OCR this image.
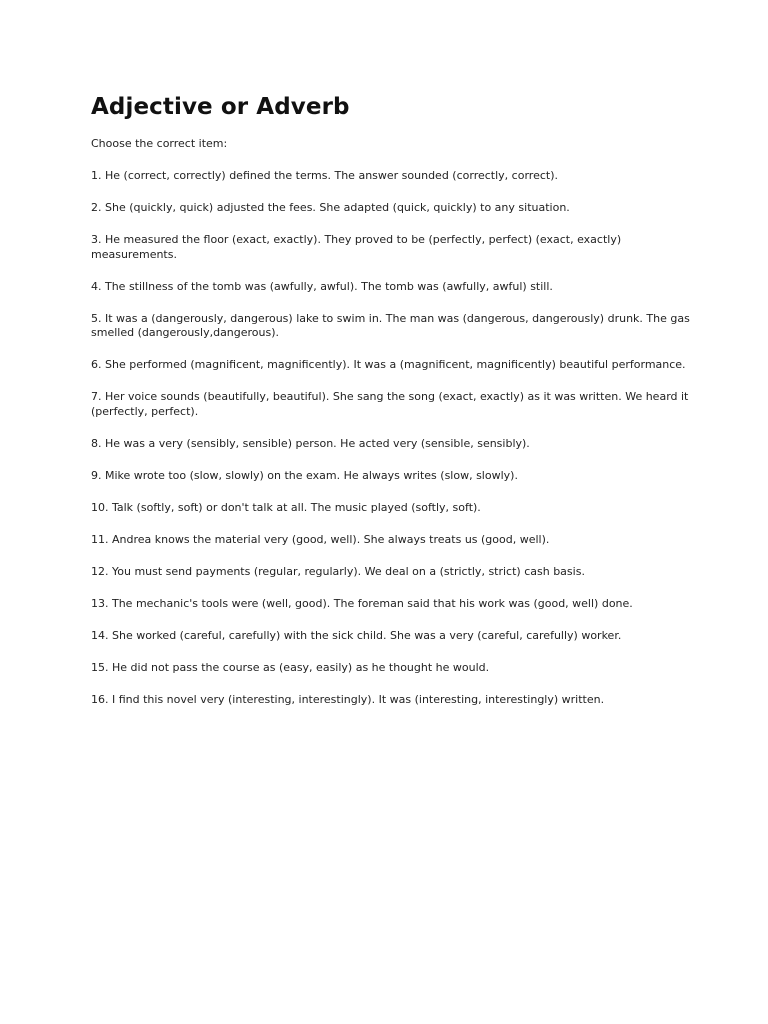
Adjective or Adverb

Choose the correct item:

1. He (correct, correctly) defined the terms. The answer sounded (correctly, correct).
2. She (quickly, quick) adjusted the fees. She adapted (quick, quickly) to any situation.
3. He measured the floor (exact, exactly). They proved to be (perfectly, perfect) (exact, exactly) measurements.
4. The stillness of the tomb was (awfully, awful). The tomb was (awfully, awful) still.
5. It was a (dangerously, dangerous) lake to swim in. The man was (dangerous, dangerously) drunk. The gas smelled (dangerously,dangerous).
6. She performed (magnificent, magnificently). It was a (magnificent, magnificently) beautiful performance.
7. Her voice sounds (beautifully, beautiful). She sang the song (exact, exactly) as it was written. We heard it (perfectly, perfect).
8. He was a very (sensibly, sensible) person. He acted very (sensible, sensibly).
9. Mike wrote too (slow, slowly) on the exam. He always writes (slow, slowly).
10. Talk (softly, soft) or don't talk at all. The music played (softly, soft).
11. Andrea knows the material very (good, well). She always treats us (good, well).
12. You must send payments (regular, regularly). We deal on a (strictly, strict) cash basis.
13. The mechanic's tools were (well, good). The foreman said that his work was (good, well) done.
14. She worked (careful, carefully) with the sick child. She was a very (careful, carefully) worker.
15. He did not pass the course as (easy, easily) as he thought he would.
16. I find this novel very (interesting, interestingly). It was (interesting, interestingly) written.
